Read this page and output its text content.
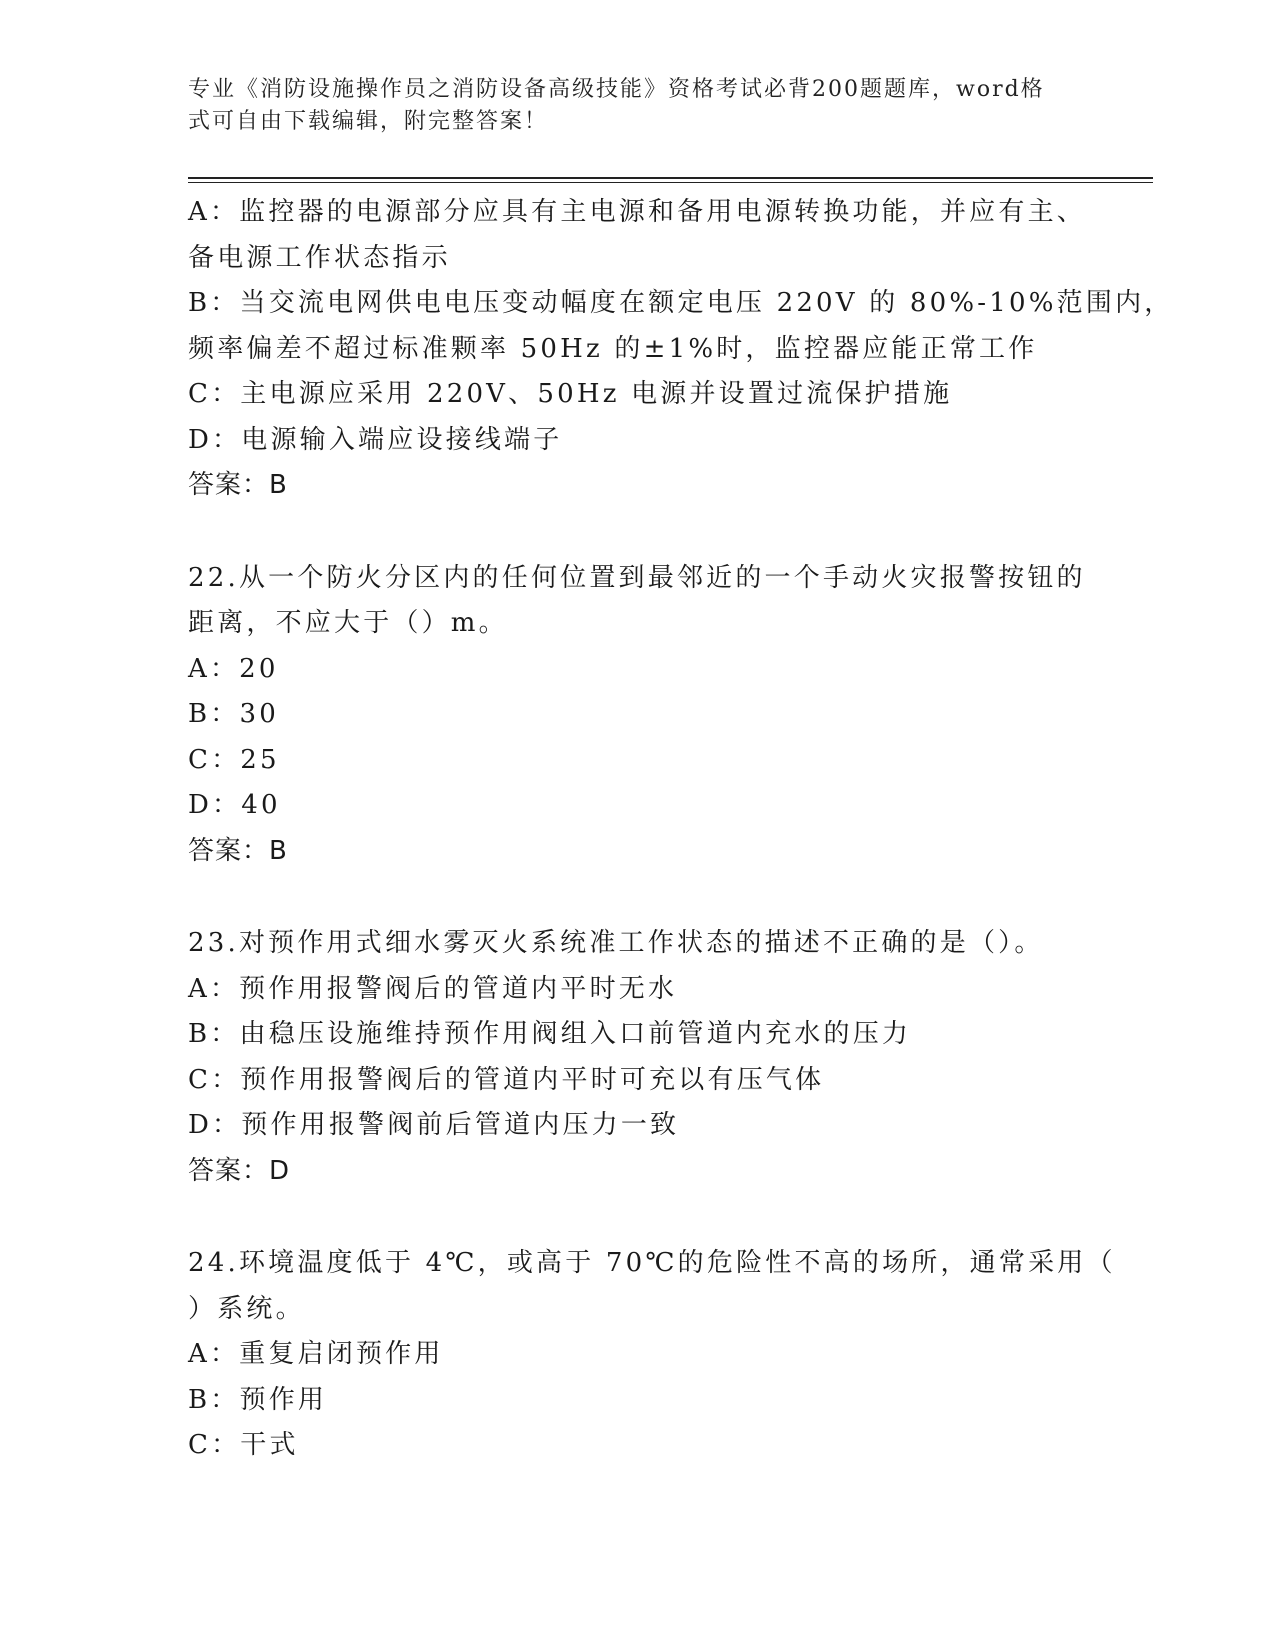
专业《消防设施操作员之消防设备高级技能》资格考试必背200题题库，word格

式可自由下载编辑，附完整答案！

A：监控器的电源部分应具有主电源和备用电源转换功能，并应有主、

备电源工作状态指示

B：当交流电网供电电压变动幅度在额定电压 220V 的 80%-10%范围内，

频率偏差不超过标准颗率 50Hz 的±1%时，监控器应能正常工作

C：主电源应采用 220V、50Hz 电源并设置过流保护措施

D：电源输入端应设接线端子

答案：B

22.从一个防火分区内的任何位置到最邻近的一个手动火灾报警按钮的

距离，不应大于（）m。

A：20

B：30

C：25

D：40

答案：B

23.对预作用式细水雾灭火系统准工作状态的描述不正确的是（）。

A：预作用报警阀后的管道内平时无水

B：由稳压设施维持预作用阀组入口前管道内充水的压力

C：预作用报警阀后的管道内平时可充以有压气体

D：预作用报警阀前后管道内压力一致

答案：D

24.环境温度低于 4℃，或高于 70℃的危险性不高的场所，通常采用（

）系统。

A：重复启闭预作用

B：预作用

C：干式
